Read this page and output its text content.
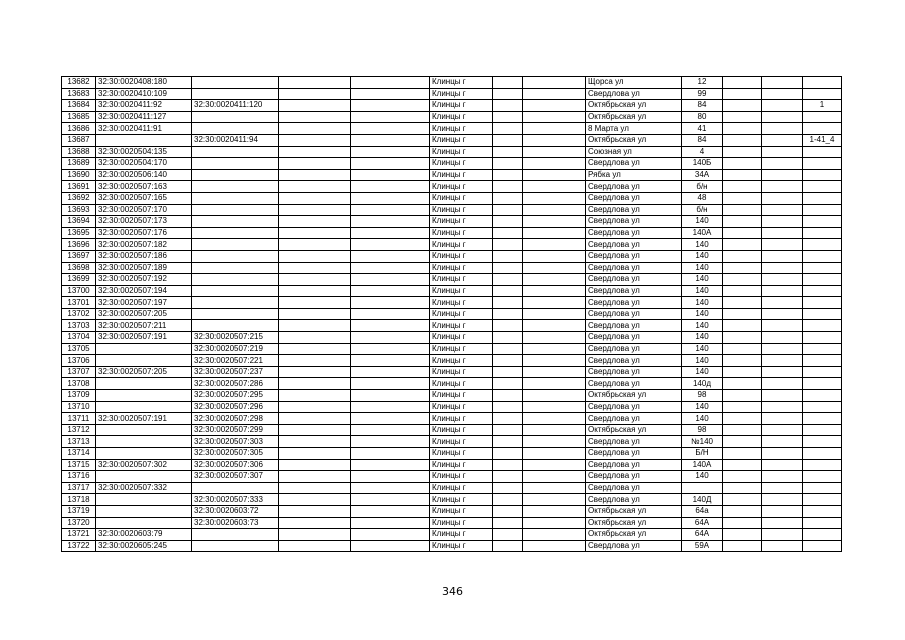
13682	32:30:0020408:180				Клинцы г			Щорса ул	12			
13683	32:30:0020410:109				Клинцы г			Свердлова ул	99			
13684	32:30:0020411:92	32:30:0020411:120			Клинцы г			Октябрьская ул	84			1
13685	32:30:0020411:127				Клинцы г			Октябрьская ул	80			
13686	32:30:0020411:91				Клинцы г			8 Марта ул	41			
13687		32:30:0020411:94			Клинцы г			Октябрьская ул	84			1-41_4
13688	32:30:0020504:135				Клинцы г			Союзная ул	4			
13689	32:30:0020504:170				Клинцы г			Свердлова ул	140Б			
13690	32:30:0020506:140				Клинцы г			Рябка ул	34А			
13691	32:30:0020507:163				Клинцы г			Свердлова ул	б/н			
13692	32:30:0020507:165				Клинцы г			Свердлова ул	48			
13693	32:30:0020507:170				Клинцы г			Свердлова ул	б/н			
13694	32:30:0020507:173				Клинцы г			Свердлова ул	140			
13695	32:30:0020507:176				Клинцы г			Свердлова ул	140А			
13696	32:30:0020507:182				Клинцы г			Свердлова ул	140			
13697	32:30:0020507:186				Клинцы г			Свердлова ул	140			
13698	32:30:0020507:189				Клинцы г			Свердлова ул	140			
13699	32:30:0020507:192				Клинцы г			Свердлова ул	140			
13700	32:30:0020507:194				Клинцы г			Свердлова ул	140			
13701	32:30:0020507:197				Клинцы г			Свердлова ул	140			
13702	32:30:0020507:205				Клинцы г			Свердлова ул	140			
13703	32:30:0020507:211				Клинцы г			Свердлова ул	140			
13704	32:30:0020507:191	32:30:0020507:215			Клинцы г			Свердлова ул	140			
13705		32:30:0020507:219			Клинцы г			Свердлова ул	140			
13706		32:30:0020507:221			Клинцы г			Свердлова ул	140			
13707	32:30:0020507:205	32:30:0020507:237			Клинцы г			Свердлова ул	140			
13708		32:30:0020507:286			Клинцы г			Свердлова ул	140д			
13709		32:30:0020507:295			Клинцы г			Октябрьская ул	98			
13710		32:30:0020507:296			Клинцы г			Свердлова ул	140			
13711	32:30:0020507:191	32:30:0020507:298			Клинцы г			Свердлова ул	140			
13712		32:30:0020507:299			Клинцы г			Октябрьская ул	98			
13713		32:30:0020507:303			Клинцы г			Свердлова ул	№140			
13714		32:30:0020507:305			Клинцы г			Свердлова ул	Б/Н			
13715	32:30:0020507:302	32:30:0020507:306			Клинцы г			Свердлова ул	140А			
13716		32:30:0020507:307			Клинцы г			Свердлова ул	140			
13717	32:30:0020507:332				Клинцы г			Свердлова ул				
13718		32:30:0020507:333			Клинцы г			Свердлова ул	140Д			
13719		32:30:0020603:72			Клинцы г			Октябрьская ул	64а			
13720		32:30:0020603:73			Клинцы г			Октябрьская ул	64А			
13721	32:30:0020603:79				Клинцы г			Октябрьская ул	64А			
13722	32:30:0020605:245				Клинцы г			Свердлова ул	59А			
346
